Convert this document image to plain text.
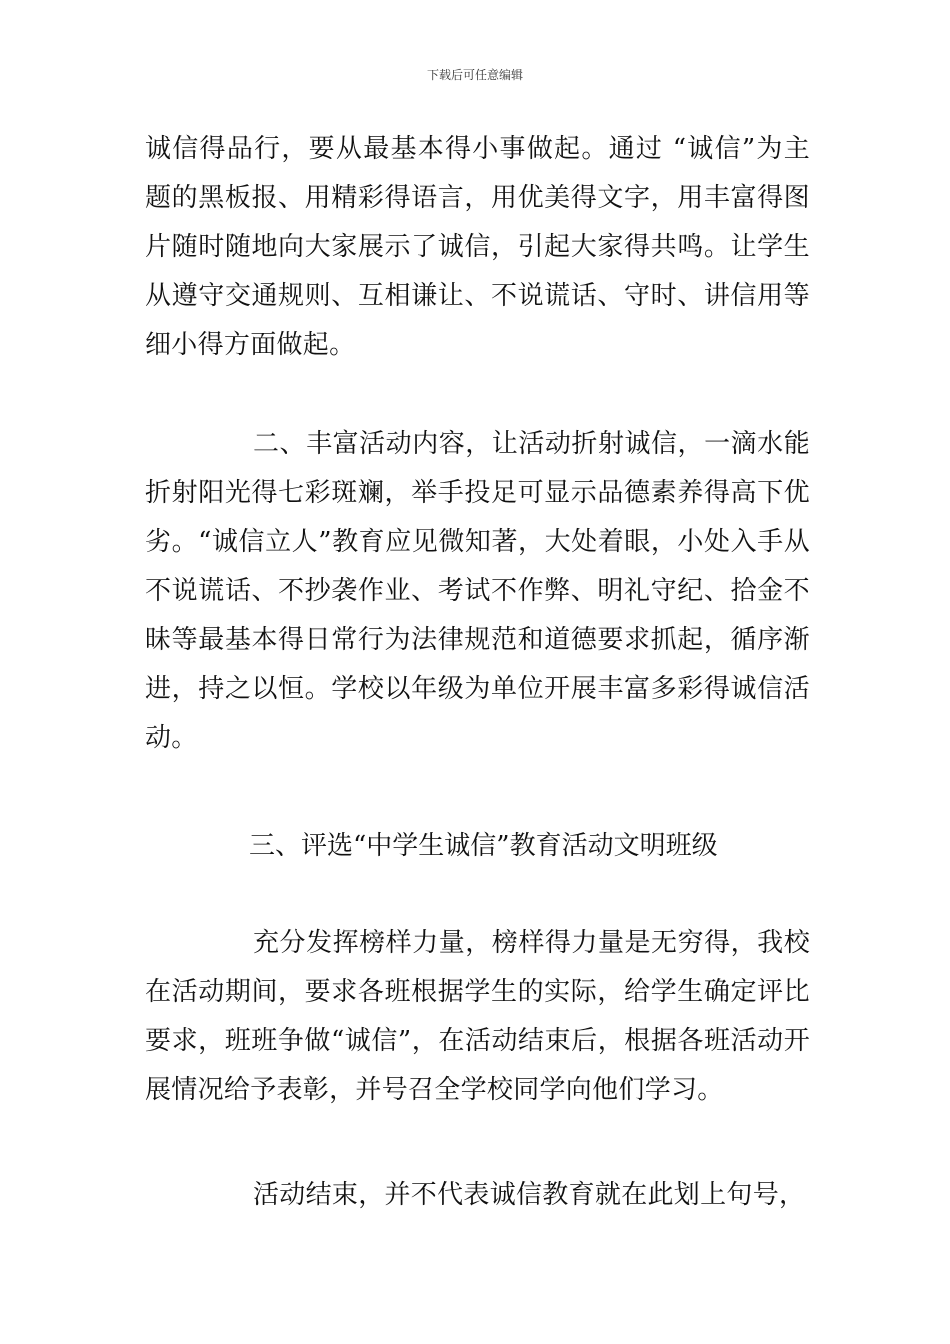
下载后可任意编辑

诚信得品行，要从最基本得小事做起。通过 “诚信”为主题的黑板报、用精彩得语言，用优美得文字，用丰富得图片随时随地向大家展示了诚信，引起大家得共鸣。让学生从遵守交通规则、互相谦让、不说谎话、守时、讲信用等细小得方面做起。

二、丰富活动内容，让活动折射诚信，一滴水能折射阳光得七彩斑斓，举手投足可显示品德素养得高下优劣。“诚信立人”教育应见微知著，大处着眼，小处入手从不说谎话、不抄袭作业、考试不作弊、明礼守纪、拾金不昧等最基本得日常行为法律规范和道德要求抓起，循序渐进，持之以恒。学校以年级为单位开展丰富多彩得诚信活动。

三、评选“中学生诚信”教育活动文明班级

充分发挥榜样力量，榜样得力量是无穷得，我校在活动期间，要求各班根据学生的实际，给学生确定评比要求，班班争做“诚信”，在活动结束后，根据各班活动开展情况给予表彰，并号召全学校同学向他们学习。

活动结束，并不代表诚信教育就在此划上句号，
